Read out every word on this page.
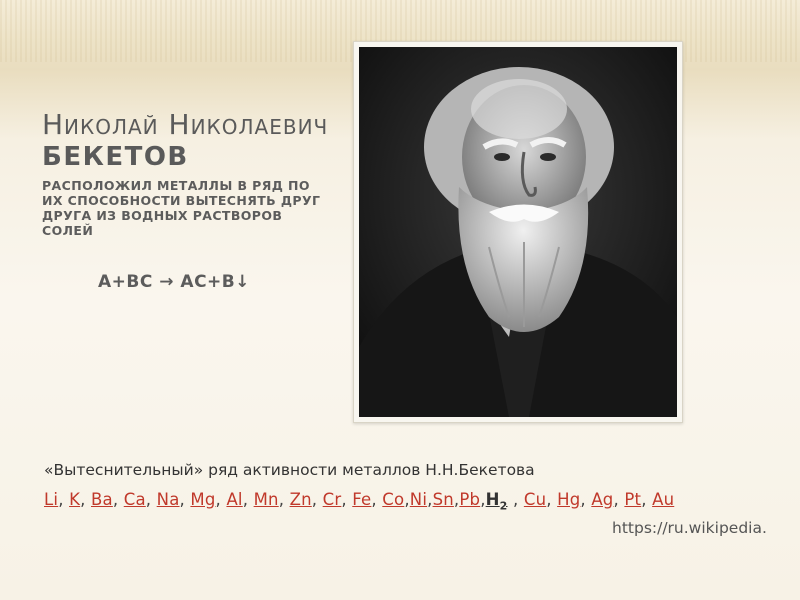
Николай Николаевич
БЕКЕТОВ
РАСПОЛОЖИЛ МЕТАЛЛЫ В РЯД ПО ИХ СПОСОБНОСТИ ВЫТЕСНЯТЬ ДРУГ ДРУГА ИЗ ВОДНЫХ РАСТВОРОВ СОЛЕЙ
А+ВС → АС+В↓
«Вытеснительный» ряд активности металлов Н.Н.Бекетова
Li, K, Ba, Ca, Na, Mg, Al, Mn, Zn, Cr, Fe, $Co,Ni,Sn,Pb,H_2$ , Cu, Hg, Ag, Pt, Au
https://ru.wikipedia.
